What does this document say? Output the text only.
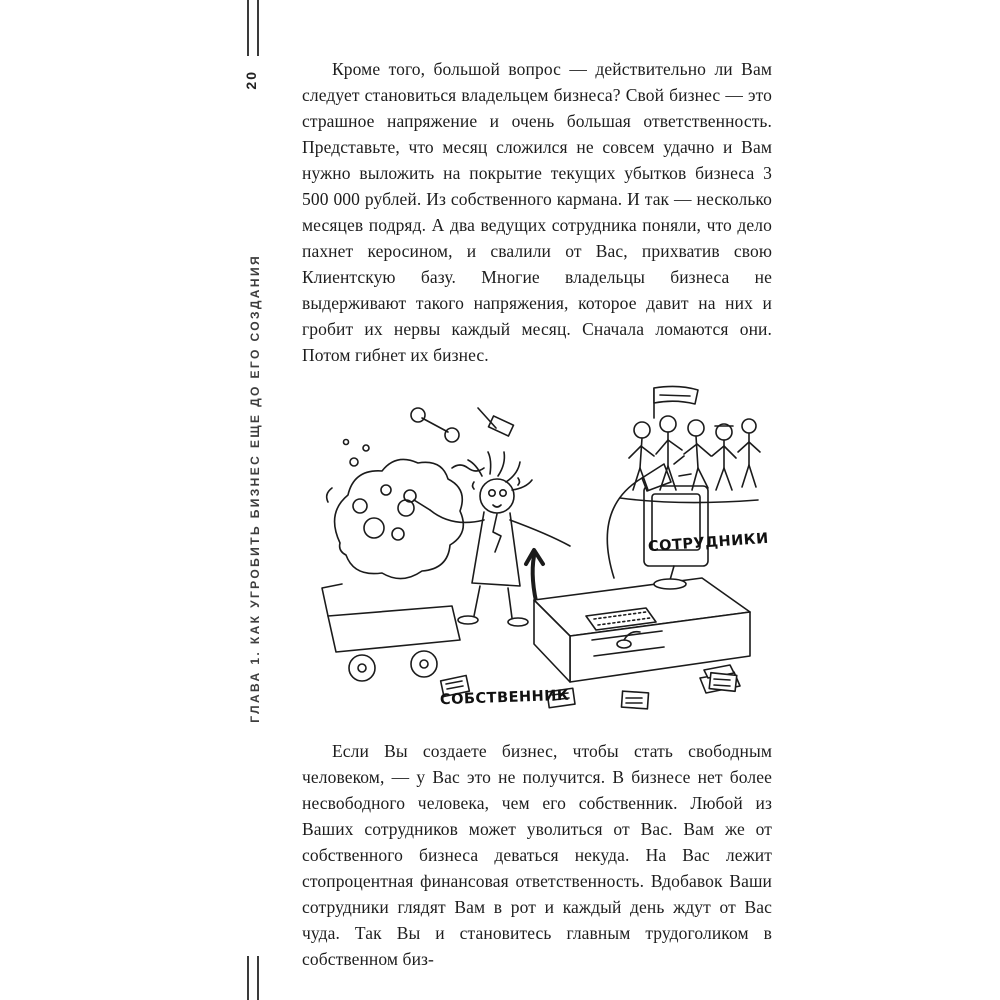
20
ГЛАВА 1. КАК УГРОБИТЬ БИЗНЕС ЕЩЕ ДО ЕГО СОЗДАНИЯ

Кроме того, большой вопрос — действительно ли Вам следует становиться владельцем бизнеса? Свой бизнес — это страшное напряжение и очень большая ответственность. Представьте, что месяц сложился не совсем удачно и Вам нужно выложить на покрытие текущих убытков бизнеса 3 500 000 рублей. Из собственного кармана. И так — несколько месяцев подряд. А два ведущих сотрудника поняли, что дело пахнет керосином, и свалили от Вас, прихватив свою Клиентскую базу. Многие владельцы бизнеса не выдерживают такого напряжения, которое давит на них и гробит их нервы каждый месяц. Сначала ломаются они. Потом гибнет их бизнес.

СОТРУДНИКИ
СОБСТВЕННИК

Если Вы создаете бизнес, чтобы стать свободным человеком, — у Вас это не получится. В бизнесе нет более несвободного человека, чем его собственник. Любой из Ваших сотрудников может уволиться от Вас. Вам же от собственного бизнеса деваться некуда. На Вас лежит стопроцентная финансовая ответственность. Вдобавок Ваши сотрудники глядят Вам в рот и каждый день ждут от Вас чуда. Так Вы и становитесь главным трудоголиком в собственном биз-
